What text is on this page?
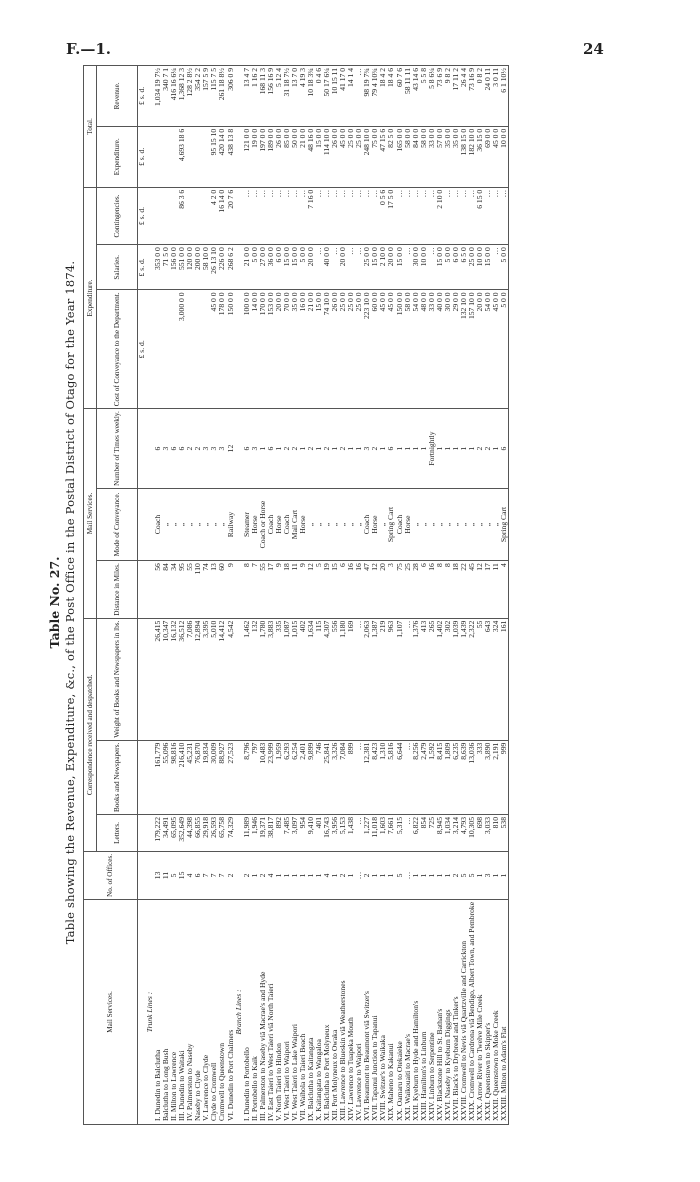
F.—1.	24
Table No. 27. Table showing the Revenue, Expenditure, &c., of the Post Office in the Postal District of Otago for the Year 1874.
Mail Services.	No. of Offices.	Correspondence received and despatched.			Mail Services.			Expenditure.			Total.	
		Letters.	Books and Newspapers.	Weight of Books and Newspapers in lbs.	Distance in Miles.	Mode of Conveyance.	Number of Times weekly.	Cost of Conveyance to the Department.	Salaries.	Contingencies.	Expenditure.	Revenue.
								£ s. d.	£ s. d.	£ s. d.	£ s. d.	£ s. d.
Trunk Lines :												
I. Dunedin to Balclutha	13	179,222	161,779	26,415	56	Coach	6		353 0 0			1,034 19 7½
Balclutha to Long Bush	11	34,491	55,096	10,347	84	„	3		71 5 0			340 7 1
II. Milton to Lawrence	5	65,095	98,816	16,132	34	„	6		156 0 0			416 16 6¼
III. Dunedin to Waitaki	15	352,649	216,410	36,512	95	„	6	3,000 0 0	551 0 0	86 3 6	4,693 18 6	1,368 12 3
IV. Palmerston to Naseby	4	44,398	45,231	7,086	55	„	2		120 0 0			128 2 8½
Naseby to Clyde	6	66,855	76,870	12,894	110	„	2		200 0 0			354 2 2
V. Lawrence to Clyde	7	29,918	19,834	3,395	74	„	3		58 10 0			157 5 9
Clyde to Cromwell	7	26,593	30,009	5,010	13	„	3	45 0 0	26 13 10	4 2 0	95 15 10	115 7 5
Cromwell to Queenstown	7	65,758	88,927	14,412	60	„	3	178 0 0	226 0 0	16 14 0	420 14 0	261 18 8½
VI. Dunedin to Port Chalmers	2	74,329	27,523	4,542	9	Railway	12	150 0 0	268 6 2	20 7 6	438 13 8	306 0 9
Branch Lines :												
I. Dunedin to Portobello	2	11,989	8,796	1,462	8	Steamer	6	100 0 0	21 0 0	…	121 0 0	13 4 7
II. Portobello to Kaik	1	1,946	797	132	7	Horse	3	14 0 0	5 0 0	…	19 0 0	1 16 2
III. Palmerston to Naseby viâ Macrae's and Hyde	2	19,371	10,483	1,780	55	Coach or Horse	1	170 0 0	27 0 0	…	197 0 0	168 11 3
IV. East Taieri to West Taieri viâ North Taieri	4	38,817	23,999	3,883	17	Coach	6	153 0 0	36 0 0	…	189 0 0	156 16 9
V. North Taieri to Hindon	1	892	1,959	335	9	Horse	1	20 0 0	6 0 0	…	26 0 0	5 12 4
VI. West Taieri to Waipori	1	7,485	6,293	1,087	18	Coach	2	70 0 0	15 0 0	…	85 0 0	31 18 7½
VI. West Taieri to Lake Waipori	1	3,097	6,254	1,015	11	Mail Cart	2	35 0 0	15 0 0	…	50 0 0	13 7 0
VII. Waihola to Taieri Beach	1	954	2,401	402	9	Horse	1	16 0 0	5 0 0	…	21 0 0	4 19 3
IX. Balclutha to Kaitangata	1	9,410	9,899	1,634	12	„	2	21 0 0	20 0 0	7 16 0	48 16 0	10 18 3¾
X. Kaitangata to Wangaloa	1	401	746	115	5	„	1	15 0 0	…	…	15 0 0	0 4 6
XI. Balclutha to Port Molyneux	4	16,743	25,841	4,307	19	„	2	74 10 0	40 0 0	…	114 10 0	50 17 6¼
XII. Port Molyneux to Owaka	1	3,956	3,326	556	15	„	1	26 0 0	…	…	26 0 0	10 15 11
XIII. Lawrence to Blueskin viâ Weatherstones	2	5,153	7,084	1,180	6	„	2	25 0 0	20 0 0	…	45 0 0	41 17 0
XIV. Lawrence to Tuapeka Mouth	1	1,438	899	169	16	„	1	25 0 0	…	…	25 0 0	14 1 4
XV. Lawrence to Waipori	…	…	…	…	16	„	1	25 0 0	…	…	25 0 0	…
XVI. Beaumont to Beaumont viâ Switzer's	2	1,227	12,381	2,063	47	Coach	3	223 10 0	25 0 0	…	248 10 0	98 19 7¾
XVII. Tapanui Junction to Tapanui	1	11,018	8,423	1,387	12	Horse	2	60 0 0	15 0 0	…	75 0 0	79 4 10¾
XVIII. Switzer's to Waikaka	1	1,603	1,310	219	20	„	1	45 0 0	2 10 0	0 5 6	47 15 6	18 4 2
XIX. Maheno to Kakanui	1	7,661	5,816	963	3	Spring Cart	6	45 0 0	20 0 0	17 5 0	82 5 0	18 4 6
XX. Oamaru to Otekaieke	5	5,315	6,644	1,107	75	Coach	1	150 0 0	15 0 0	…	165 0 0	60 7 6
XXI. Waikouaiti to Macrae's	…	…	…	…	25	Horse	1	58 0 0	…	…	58 0 0	58 11 11
XXII. Kyeburn to Hyde and Hamilton's	1	6,822	8,256	1,376	28	„	1	54 0 0	30 0 0	…	84 0 0	43 14 6
XXIII. Hamilton's to Linburn	1	854	2,479	413	6	„	1	48 0 0	10 0 0	…	58 0 0	5 5 8
XXIV. Linburn to Serpentine	1	725	1,592	265	16	„	Fortnightly	33 0 0	…	…	33 0 0	5 8 6¼
XXV. Blackstone Hill to St. Bathan's	1	8,945	8,415	1,402	8	„	1	40 0 0	15 0 0	2 10 0	57 0 0	73 6 9
XXVI. Naseby to Kyeburn Diggings	1	1,034	1,809	302	8	„	1	30 0 0	5 0 0	…	35 0 0	9 8 2
XXVII. Black's to Drybread and Tinker's	2	3,214	6,235	1,039	18	„	1	29 0 0	6 0 0	…	35 0 0	17 11 2
XXVIII. Cromwell to Nevis viâ Quartzville and Carrickton	5	4,793	8,639	1,439	22	„	1	132 10 0	6 5 0	…	138 15 0	26 4 4
XXIX. Cromwell to Cardrona viâ Bendigo, Albert Town, and Pembroke	5	10,305	13,036	2,322	45	„	1	157 10 0	25 0 0	…	182 10 0	73 16 9
XXX. Arrow River to Twelve Mile Creek	1	698	333	55	12	„	2	20 0 0	10 0 0	6 15 0	36 15 0	0 8 2
XXXI. Queenstown to Skipper's	3	3,033	3,890	643	17	„	2	54 0 0	15 0 0	…	69 0 0	24 0 11
XXXII. Queenstown to Moke Creek	1	810	2,191	324	11	„	1	45 0 0	…	…	45 0 0	3 0 11
XXXIII. Milton to Adam's Flat	1	538	999	161	4	Spring Cart	6	5 0 0	5 0 0	…	10 0 0	6 1 10½
